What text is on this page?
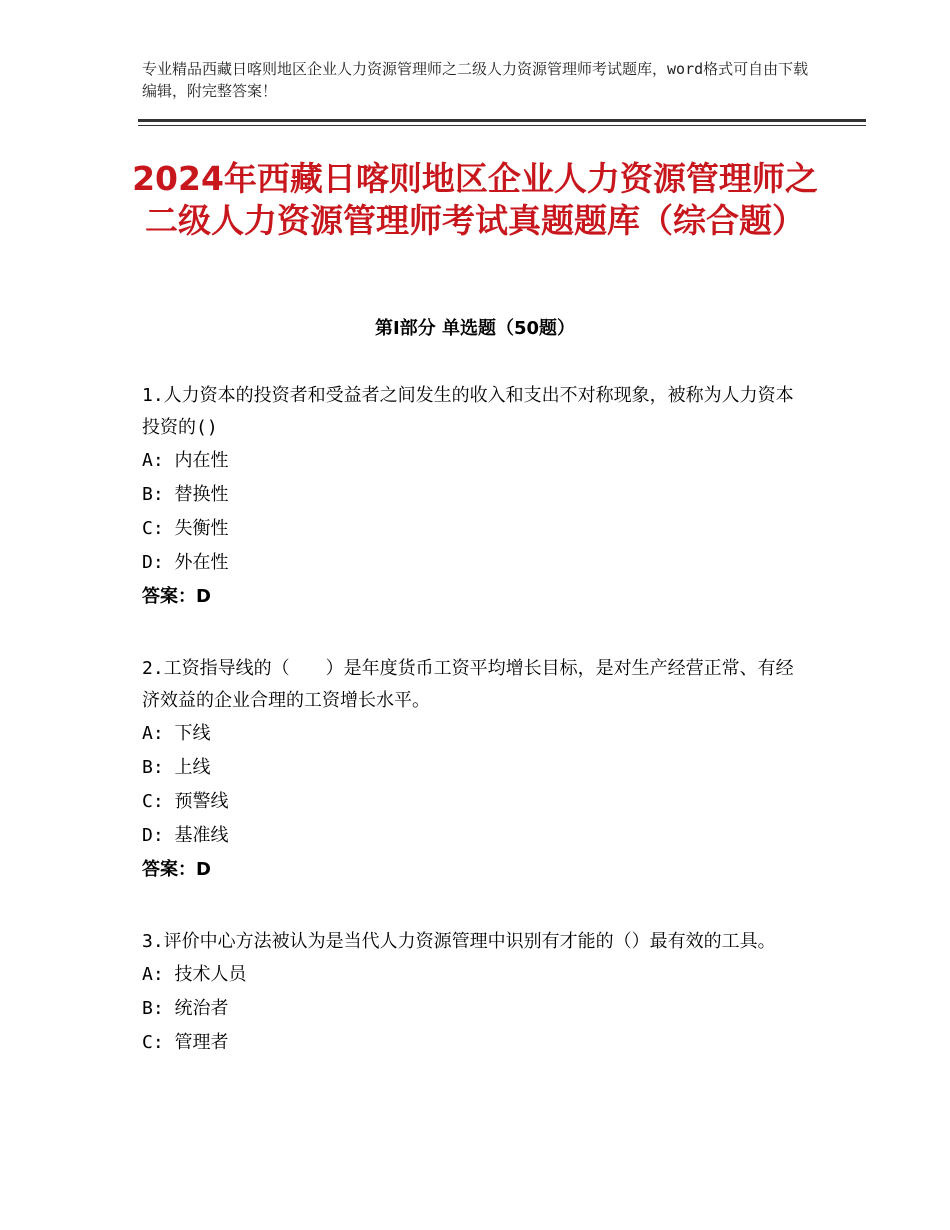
专业精品西藏日喀则地区企业人力资源管理师之二级人力资源管理师考试题库，word格式可自由下载编辑，附完整答案！
2024年西藏日喀则地区企业人力资源管理师之二级人力资源管理师考试真题题库（综合题）
第Ⅰ部分 单选题（50题）

1.人力资本的投资者和受益者之间发生的收入和支出不对称现象，被称为人力资本投资的()

A: 内在性

B: 替换性

C: 失衡性

D: 外在性

答案：D

2.工资指导线的（　　）是年度货币工资平均增长目标，是对生产经营正常、有经济效益的企业合理的工资增长水平。

A: 下线

B: 上线

C: 预警线

D: 基准线

答案：D

3.评价中心方法被认为是当代人力资源管理中识别有才能的（）最有效的工具。

A: 技术人员

B: 统治者

C: 管理者
